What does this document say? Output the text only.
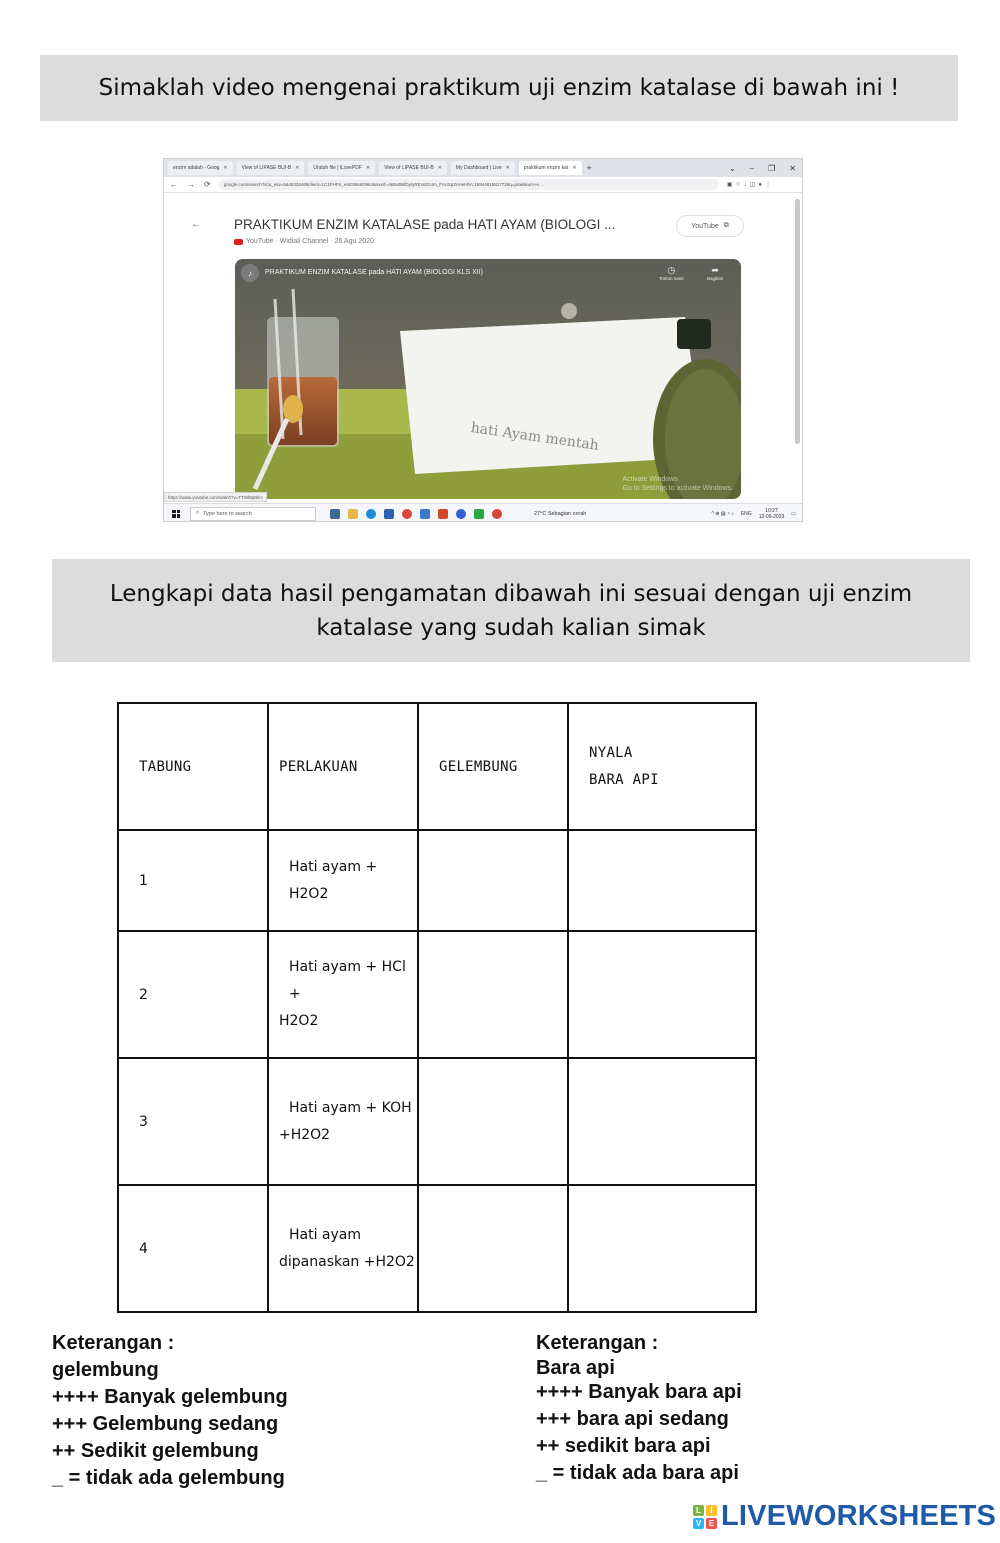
Simaklah video mengenai praktikum uji enzim katalase di bawah ini !
enzim adalah - Goog ✕	View of LIPASE BUI-B ✕	Unduh file | iLovePDF ✕	View of LIPASE BUI-B ✕	My Dashboard | Live ✕	praktikum enzim kat ✕ +	⌄ – ❐ ✕
← → ⟳	google.com/search?sca_esv=5645326468client=1C1FHFK_enID964ID964&sxsrf=AB5stBifDyIyRErs0G4m_FnUXpZnHeHhA:16944815817728q=praktikum+e...	▣☆↓◫●⋮
← PRAKTIKUM ENZIM KATALASE pada HATI AYAM (BIOLOGI ...
YouTube · Widiali Channel · 26 Agu 2020
YouTube ⧉
hati Ayam mentah
♪	PRAKTIKUM ENZIM KATALASE pada HATI AYAM (BIOLOGI KLS XII)	◷
Tonton nanti
➦
Bagikan
Activate Windows
Go to Settings to activate Windows.
https://www.youtube.com/watch?v=TTWl9pDb-I
⌕ Type here to search	27°C Sebagian cerah	^ ⊕ ▤ ◔ ♪ ENG	10:27
12-09-2023 ▭
Lengkapi data hasil pengamatan dibawah ini sesuai dengan uji enzim katalase yang sudah kalian simak
TABUNG	PERLAKUAN	GELEMBUNG	NYALA
BARA API

1	Hati ayam + H2O2		

2	Hati ayam + HCl +
H2O2		
3	Hati ayam + KOH
+H2O2		
4	Hati ayam
dipanaskan +H2O2		
Keterangan :
gelembung
++++ Banyak gelembung
+++ Gelembung sedang
++ Sedikit gelembung
_ = tidak ada gelembung
Keterangan :
Bara api
++++ Banyak bara api
+++ bara api sedang
++ sedikit bara api
_ = tidak ada bara api
L	I
V E LIVEWORKSHEETS
